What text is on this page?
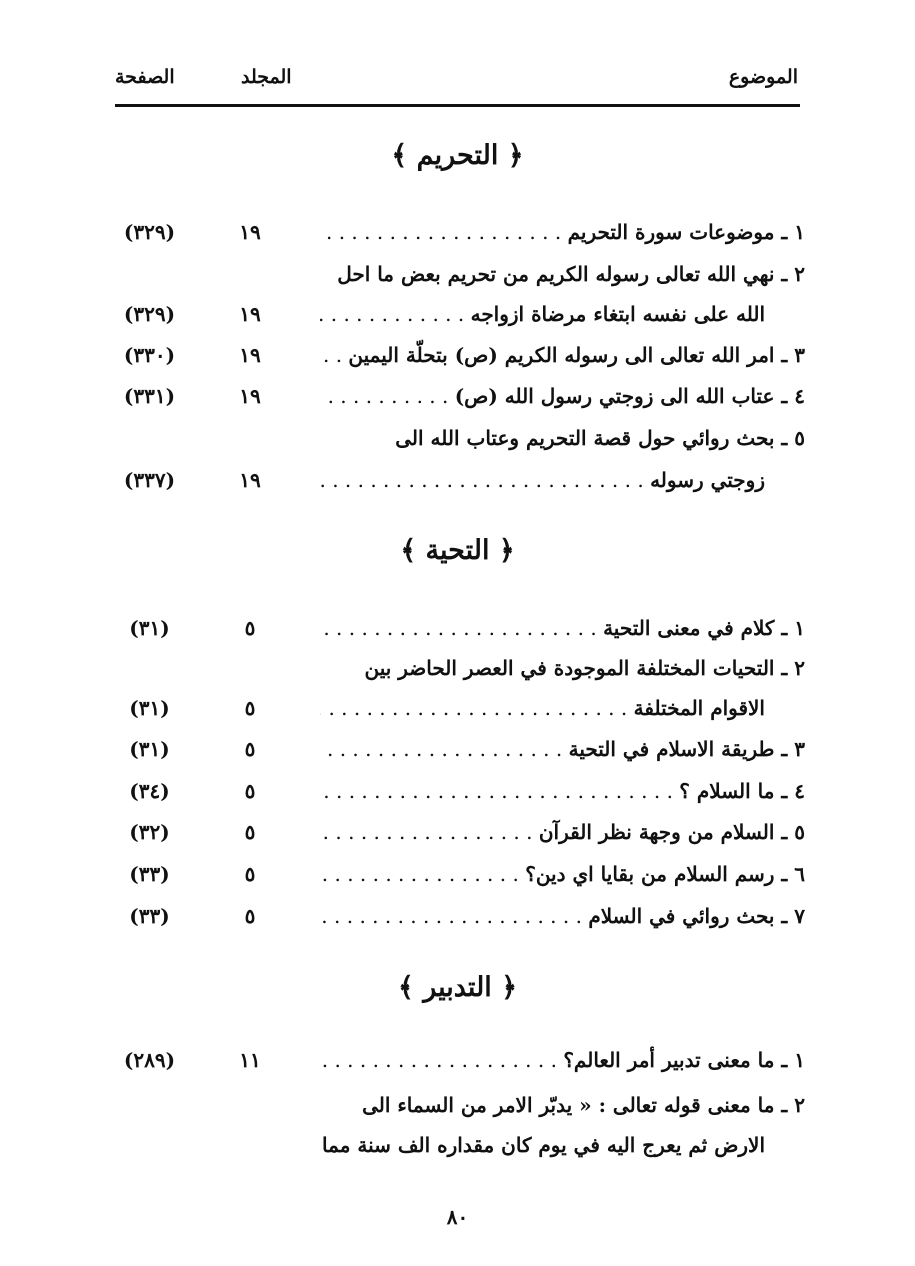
الموضوع
المجلد
الصفحة
﴿ التحريم ﴾
١ ـ موضوعات سورة التحريم . . .
١٩
(٣٢٩)
٢ ـ نهي الله تعالى رسوله الكريم من تحريم بعض ما احل
الله على نفسه ابتغاء مرضاة ازواجه . . .
١٩
(٣٢٩)
٣ ـ امر الله تعالى الى رسوله الكريم (ص) بتحلّة اليمين . . .
١٩
(٣٣٠)
٤ ـ عتاب الله الى زوجتي رسول الله (ص) . . .
١٩
(٣٣١)
٥ ـ بحث روائي حول قصة التحريم وعتاب الله الى
زوجتي رسوله . . .
١٩
(٣٣٧)
﴿ التحية ﴾
١ ـ كلام في معنى التحية . . .
٥
(٣١)
٢ ـ التحيات المختلفة الموجودة في العصر الحاضر بين
الاقوام المختلفة . . .
٥
(٣١)
٣ ـ طريقة الاسلام في التحية . . .
٥
(٣١)
٤ ـ ما السلام ؟ . . .
٥
(٣٤)
٥ ـ السلام من وجهة نظر القرآن . . .
٥
(٣٢)
٦ ـ رسم السلام من بقايا اي دين؟ . . .
٥
(٣٣)
٧ ـ بحث روائي في السلام . . .
٥
(٣٣)
﴿ التدبير ﴾
١ ـ ما معنى تدبير أمر العالم؟ . . .
١١
(٢٨٩)
٢ ـ ما معنى قوله تعالى : « يدبّر الامر من السماء الى
الارض ثم يعرج اليه في يوم كان مقداره الف سنة مما
٨٠
